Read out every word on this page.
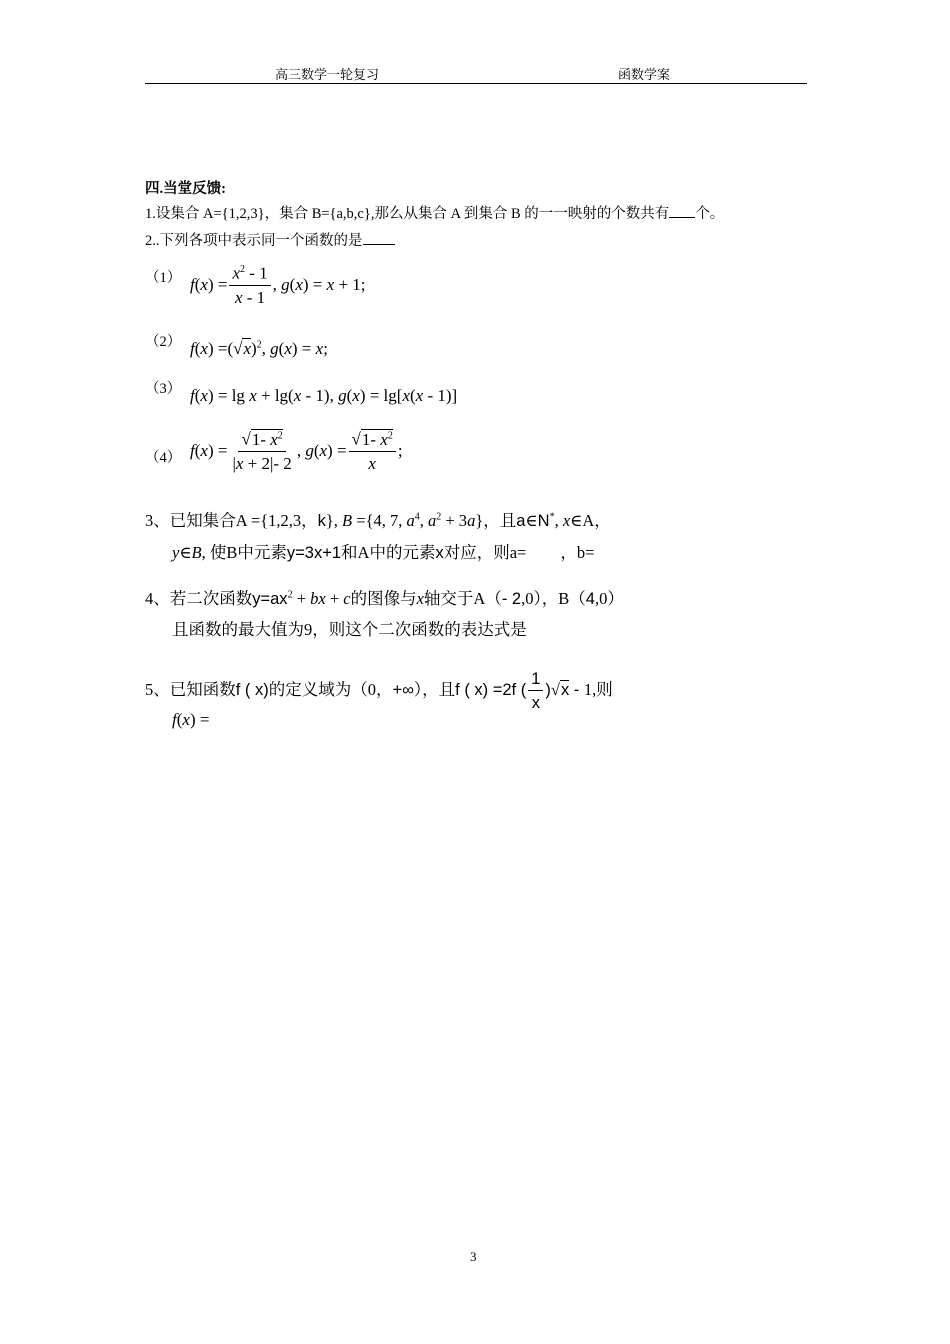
高三数学一轮复习	函数学案
四.当堂反馈:
1.设集合 A={1,2,3}，集合 B={a,b,c},那么从集合 A 到集合 B 的一一映射的个数共有 个。
2..下列各项中表示同一个函数的是
（1） $f(x) = \frac{x^2 - 1}{x - 1}$ , g(x) = x + 1;
（2） $f(x) =(√x)^2$, g(x) = x;
（3） f(x) = lg x + lg(x - 1), g(x) = lg[x(x - 1)]
（4） $f(x) = \frac{√1- x^2}{|x + 2|- 2}$ , $g(x) = \frac{√1- x^2}{x}$ ;
3、已知集合A ={1,2,3，k}, B ={4, 7, $a^4$, $a^2 + 3a$}，且a∈N*, x∈A，
y∈B, 使B中元素y=3x+1和A中的元素x对应，则a= ，b=
4、若二次函数$y=ax^2$ + bx + c的图像与x轴交于A（- 2,0），B（4,0）
且函数的最大值为9，则这个二次函数的表达式是
5、已知函数f ( x)的定义域为（0，+∞），且f ( x) =2f ( $\frac{1}{x} )√x - 1$,则
f(x) =
3
